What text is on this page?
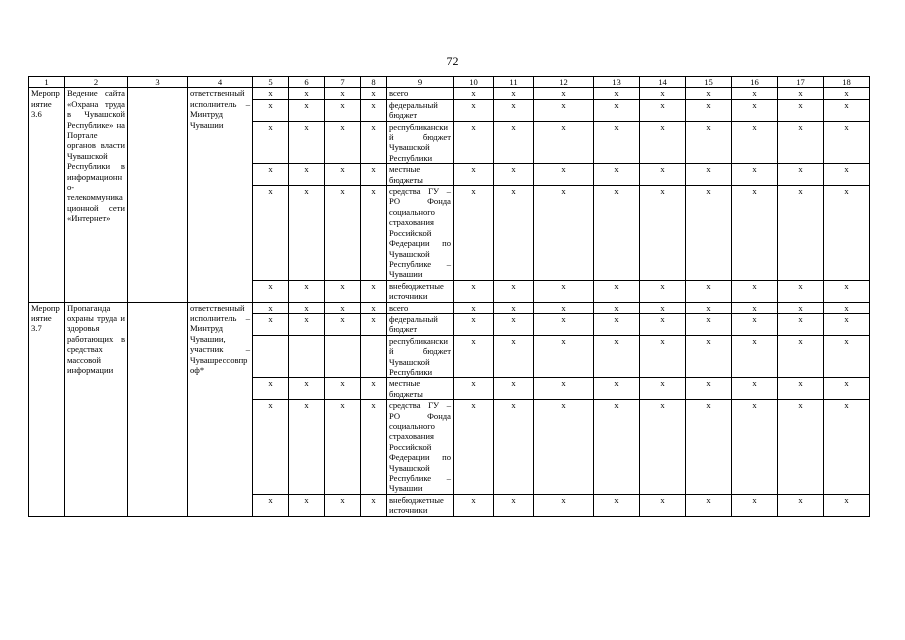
72
1	2	3	4	5	6	7	8	9	10	11	12	13	14	15	16	17	18
Мероприятие 3.6	Ведение сайта «Охрана труда в Чувашской Республике» на Портале органов власти Чувашской Республики в информационно-телекоммуникационной сети «Интернет»		ответственный исполнитель – Минтруд Чувашии	х	х	х	х	всего	х	х	х	х	х	х	х	х	х
				х	х	х	х	федеральный бюджет	х	х	х	х	х	х	х	х	х
				х	х	х	х	республиканский бюджет Чувашской Республики	х	х	х	х	х	х	х	х	х
				х	х	х	х	местные бюджеты	х	х	х	х	х	х	х	х	х
				х	х	х	х	средства ГУ – РО Фонда социального страхования Российской Федерации по Чувашской Республике – Чувашии	х	х	х	х	х	х	х	х	х
				х	х	х	х	внебюджетные источники	х	х	х	х	х	х	х	х	х
Мероприятие 3.7	Пропаганда охраны труда и здоровья работающих в средствах массовой информации		ответственный исполнитель – Минтруд Чувашии, участник – Чувашрессовпроф*	х	х	х	х	всего	х	х	х	х	х	х	х	х	х
				х	х	х	х	федеральный бюджет	х	х	х	х	х	х	х	х	х
								республиканский бюджет Чувашской Республики	х	х	х	х	х	х	х	х	х
				х	х	х	х	местные бюджеты	х	х	х	х	х	х	х	х	х
				х	х	х	х	средства ГУ – РО Фонда социального страхования Российской Федерации по Чувашской Республике – Чувашии	х	х	х	х	х	х	х	х	х
				х	х	х	х	внебюджетные источники	х	х	х	х	х	х	х	х	х
